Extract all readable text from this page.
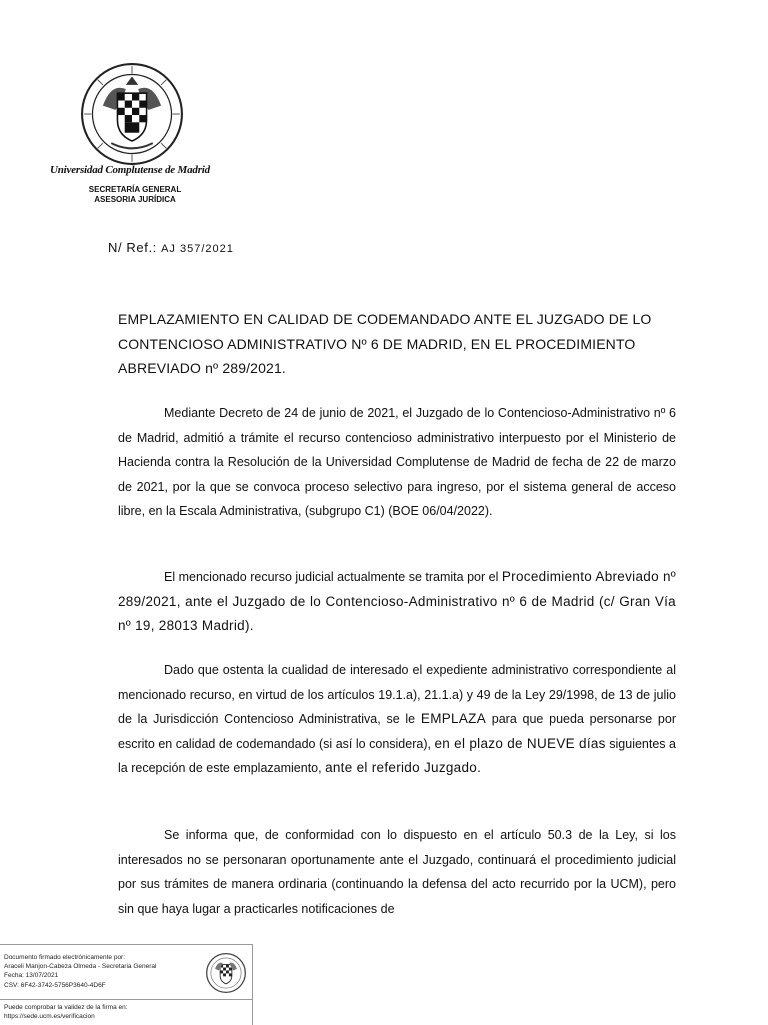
Universidad Complutense de Madrid
SECRETARÍA GENERAL
ASESORIA JURÍDICA
N/ Ref.: AJ 357/2021
EMPLAZAMIENTO EN CALIDAD DE CODEMANDADO ANTE EL JUZGADO DE LO CONTENCIOSO ADMINISTRATIVO Nº 6 DE MADRID, EN EL PROCEDIMIENTO ABREVIADO nº 289/2021.
Mediante Decreto de 24 de junio de 2021, el Juzgado de lo Contencioso-Administrativo nº 6 de Madrid, admitió a trámite el recurso contencioso administrativo interpuesto por el Ministerio de Hacienda contra la Resolución de la Universidad Complutense de Madrid de fecha de 22 de marzo de 2021, por la que se convoca proceso selectivo para ingreso, por el sistema general de acceso libre, en la Escala Administrativa, (subgrupo C1) (BOE 06/04/2022).
El mencionado recurso judicial actualmente se tramita por el Procedimiento Abreviado nº 289/2021, ante el Juzgado de lo Contencioso-Administrativo nº 6 de Madrid (c/ Gran Vía nº 19, 28013 Madrid).
Dado que ostenta la cualidad de interesado el expediente administrativo correspondiente al mencionado recurso, en virtud de los artículos 19.1.a), 21.1.a) y 49 de la Ley 29/1998, de 13 de julio de la Jurisdicción Contencioso Administrativa, se le EMPLAZA para que pueda personarse por escrito en calidad de codemandado (si así lo considera), en el plazo de NUEVE días siguientes a la recepción de este emplazamiento, ante el referido Juzgado.
Se informa que, de conformidad con lo dispuesto en el artículo 50.3 de la Ley, si los interesados no se personaran oportunamente ante el Juzgado, continuará el procedimiento judicial por sus trámites de manera ordinaria (continuando la defensa del acto recurrido por la UCM), pero sin que haya lugar a practicarles notificaciones de
Documento firmado electrónicamente por:
Araceli Manjon-Cabeza Olmeda - Secretaria General
Fecha: 13/07/2021
CSV: 6F42-3742-5756P3640-4D6F
Puede comprobar la validez de la firma en:
https://sede.ucm.es/verificacion
